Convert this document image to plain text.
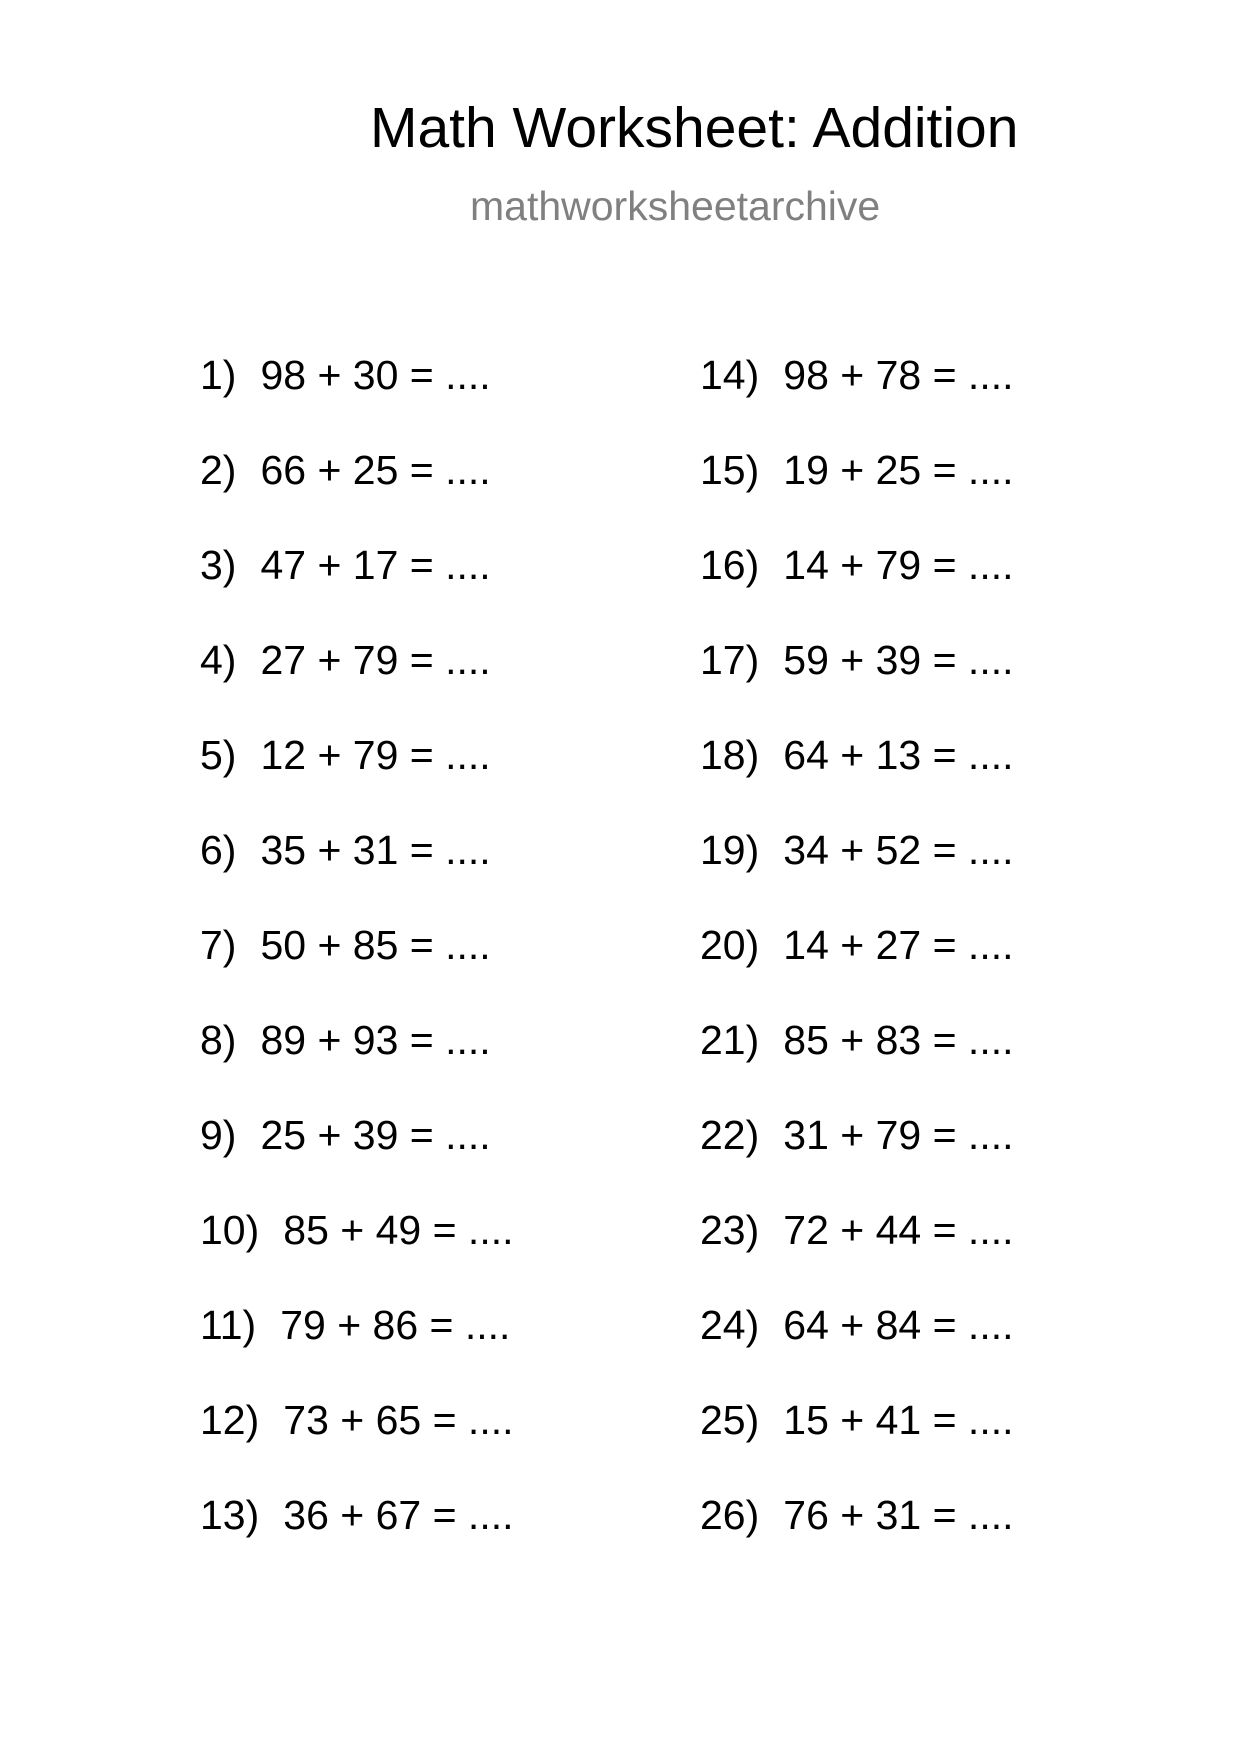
Math Worksheet: Addition
mathworksheetarchive
1) 98 + 30 = ....
2) 66 + 25 = ....
3) 47 + 17 = ....
4) 27 + 79 = ....
5) 12 + 79 = ....
6) 35 + 31 = ....
7) 50 + 85 = ....
8) 89 + 93 = ....
9) 25 + 39 = ....
10) 85 + 49 = ....
11) 79 + 86 = ....
12) 73 + 65 = ....
13) 36 + 67 = ....
14) 98 + 78 = ....
15) 19 + 25 = ....
16) 14 + 79 = ....
17) 59 + 39 = ....
18) 64 + 13 = ....
19) 34 + 52 = ....
20) 14 + 27 = ....
21) 85 + 83 = ....
22) 31 + 79 = ....
23) 72 + 44 = ....
24) 64 + 84 = ....
25) 15 + 41 = ....
26) 76 + 31 = ....
